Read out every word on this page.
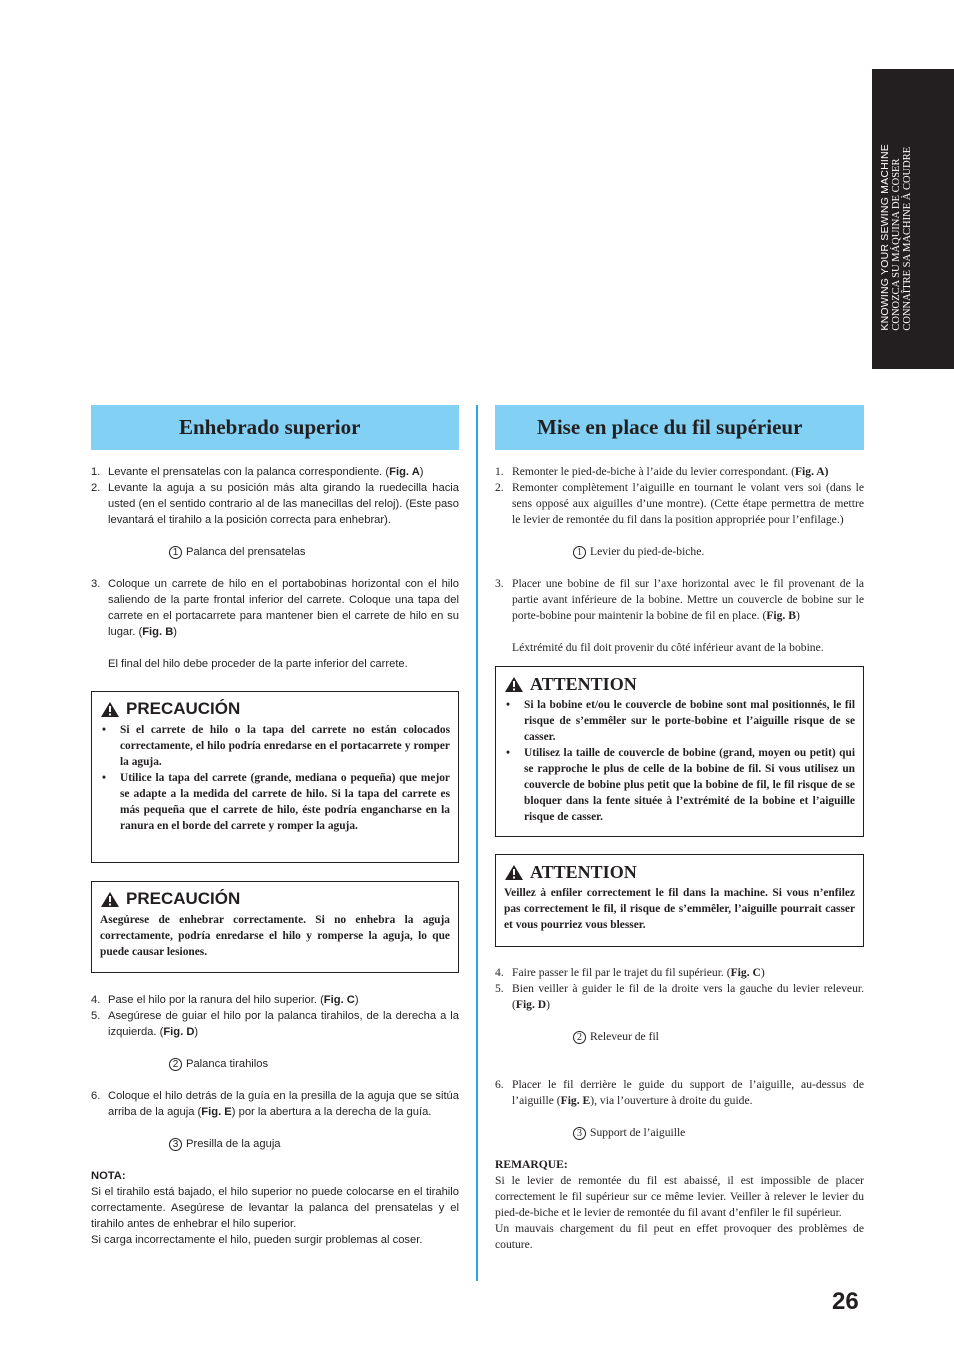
KNOWING YOUR SEWING MACHINE CONOZCA SU MÁQUINA DE COSER CONNAÎTRE SA MACHINE À COUDRE
Enhebrado superior
1. Levante el prensatelas con la palanca correspondiente. (Fig. A)
2. Levante la aguja a su posición más alta girando la ruedecilla hacia usted (en el sentido contrario al de las manecillas del reloj). (Este paso levantará el tirahilo a la posición correcta para enhebrar).
1 Palanca del prensatelas
3. Coloque un carrete de hilo en el portabobinas horizontal con el hilo saliendo de la parte frontal inferior del carrete. Coloque una tapa del carrete en el portacarrete para mantener bien el carrete de hilo en su lugar. (Fig. B)
El final del hilo debe proceder de la parte inferior del carrete.
PRECAUCIÓN
•	Si el carrete de hilo o la tapa del carrete no están colocados correctamente, el hilo podría enredarse en el portacarrete y romper la aguja.
•	Utilice la tapa del carrete (grande, mediana o pequeña) que mejor se adapte a la medida del carrete de hilo. Si la tapa del carrete es más pequeña que el carrete de hilo, éste podría engancharse en la ranura en el borde del carrete y romper la aguja.
PRECAUCIÓN
Asegúrese de enhebrar correctamente. Si no enhebra la aguja correctamente, podría enredarse el hilo y romperse la aguja, lo que puede causar lesiones.
4. Pase el hilo por la ranura del hilo superior. (Fig. C)
5. Asegúrese de guiar el hilo por la palanca tirahilos, de la derecha a la izquierda. (Fig. D)
2 Palanca tirahilos
6. Coloque el hilo detrás de la guía en la presilla de la aguja que se sitúa arriba de la aguja (Fig. E) por la abertura a la derecha de la guía.
3 Presilla de la aguja
NOTA:
Si el tirahilo está bajado, el hilo superior no puede colocarse en el tirahilo correctamente. Asegúrese de levantar la palanca del prensatelas y el tirahilo antes de enhebrar el hilo superior.
Si carga incorrectamente el hilo, pueden surgir problemas al coser.
Mise en place du fil supérieur
1. Remonter le pied-de-biche à l’aide du levier correspondant. (Fig. A)
2. Remonter complètement l’aiguille en tournant le volant vers soi (dans le sens opposé aux aiguilles d’une montre). (Cette étape permettra de mettre le levier de remontée du fil dans la position appropriée pour l’enfilage.)
1 Levier du pied-de-biche.
3. Placer une bobine de fil sur l’axe horizontal avec le fil provenant de la partie avant inférieure de la bobine. Mettre un couvercle de bobine sur le porte-bobine pour maintenir la bobine de fil en place. (Fig. B)
Léxtrémité du fil doit provenir du côté inférieur avant de la bobine.
ATTENTION
•	Si la bobine et/ou le couvercle de bobine sont mal positionnés, le fil risque de s’emmêler sur le porte-bobine et l’aiguille risque de se casser.
•	Utilisez la taille de couvercle de bobine (grand, moyen ou petit) qui se rapproche le plus de celle de la bobine de fil. Si vous utilisez un couvercle de bobine plus petit que la bobine de fil, le fil risque de se bloquer dans la fente située à l’extrémité de la bobine et l’aiguille risque de casser.
ATTENTION
Veillez à enfiler correctement le fil dans la machine. Si vous n’enfilez pas correctement le fil, il risque de s’emmêler, l’aiguille pourrait casser et vous pourriez vous blesser.
4. Faire passer le fil par le trajet du fil supérieur. (Fig. C)
5. Bien veiller à guider le fil de la droite vers la gauche du levier releveur. (Fig. D)
2 Releveur de fil
6. Placer le fil derrière le guide du support de l’aiguille, au-dessus de l’aiguille (Fig. E), via l’ouverture à droite du guide.
3 Support de l’aiguille
REMARQUE:
Si le levier de remontée du fil est abaissé, il est impossible de placer correctement le fil supérieur sur ce même levier. Veiller à relever le levier du pied-de-biche et le levier de remontée du fil avant d’enfiler le fil supérieur.
Un mauvais chargement du fil peut en effet provoquer des problèmes de couture.
26
